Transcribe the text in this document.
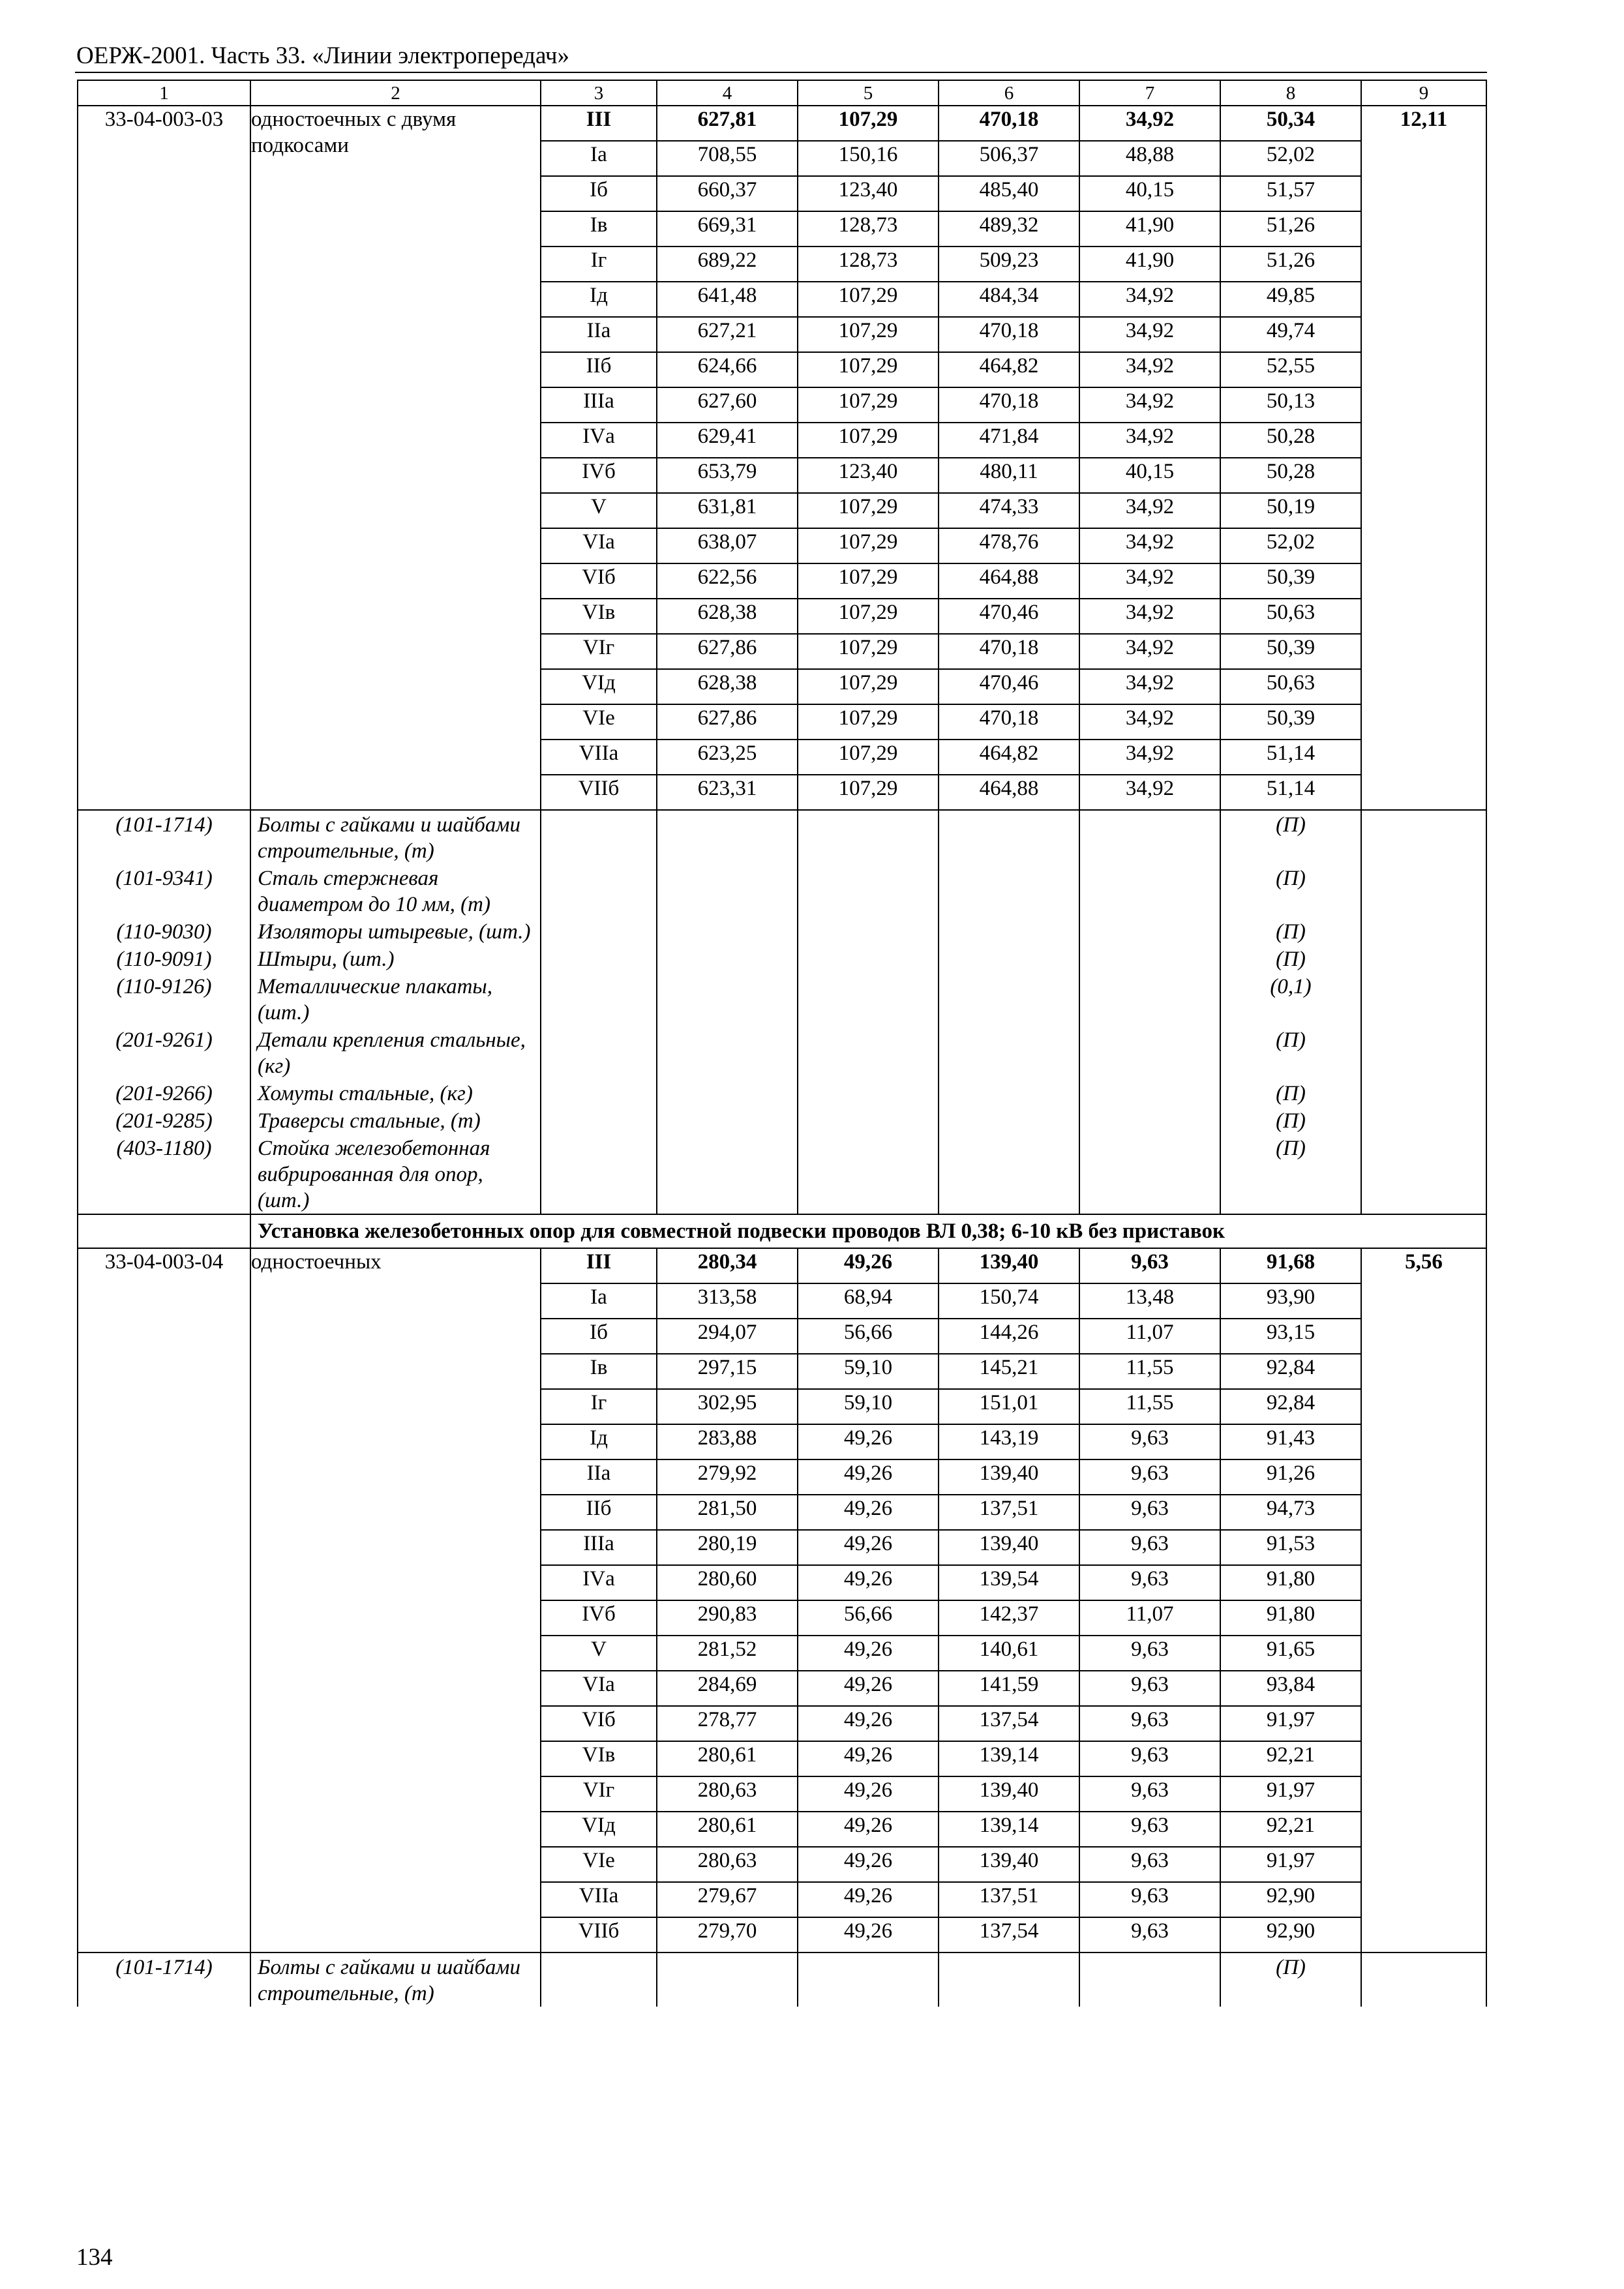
ОЕРЖ-2001. Часть 33. «Линии электропередач»
1	2	3	4	5	6	7	8	9
33-04-003-03	одностоечных с двумя подкосами	III	627,81	107,29	470,18	34,92	50,34	12,11
		Iа	708,55	150,16	506,37	48,88	52,02	
		Iб	660,37	123,40	485,40	40,15	51,57	
		Iв	669,31	128,73	489,32	41,90	51,26	
		Iг	689,22	128,73	509,23	41,90	51,26	
		Iд	641,48	107,29	484,34	34,92	49,85	
		IIа	627,21	107,29	470,18	34,92	49,74	
		IIб	624,66	107,29	464,82	34,92	52,55	
		IIIа	627,60	107,29	470,18	34,92	50,13	
		IVа	629,41	107,29	471,84	34,92	50,28	
		IVб	653,79	123,40	480,11	40,15	50,28	
		V	631,81	107,29	474,33	34,92	50,19	
		VIа	638,07	107,29	478,76	34,92	52,02	
		VIб	622,56	107,29	464,88	34,92	50,39	
		VIв	628,38	107,29	470,46	34,92	50,63	
		VIг	627,86	107,29	470,18	34,92	50,39	
		VIд	628,38	107,29	470,46	34,92	50,63	
		VIе	627,86	107,29	470,18	34,92	50,39	
		VIIа	623,25	107,29	464,82	34,92	51,14	
		VIIб	623,31	107,29	464,88	34,92	51,14	
(101-1714)	Болты с гайками и шайбами строительные, (т)						(П)	
(101-9341)	Сталь стержневая диаметром до 10 мм, (т)						(П)	
(110-9030)	Изоляторы штыревые, (шт.)						(П)	
(110-9091)	Штыри, (шт.)						(П)	
(110-9126)	Металлические плакаты, (шт.)						(0,1)	
(201-9261)	Детали крепления стальные, (кг)						(П)	
(201-9266)	Хомуты стальные, (кг)						(П)	
(201-9285)	Траверсы стальные, (т)						(П)	
(403-1180)	Стойка железобетонная вибрированная для опор, (шт.)						(П)	
	Установка железобетонных опор для совместной подвески проводов ВЛ 0,38; 6-10 кВ без приставок							
33-04-003-04	одностоечных	III	280,34	49,26	139,40	9,63	91,68	5,56
		Iа	313,58	68,94	150,74	13,48	93,90	
		Iб	294,07	56,66	144,26	11,07	93,15	
		Iв	297,15	59,10	145,21	11,55	92,84	
		Iг	302,95	59,10	151,01	11,55	92,84	
		Iд	283,88	49,26	143,19	9,63	91,43	
		IIа	279,92	49,26	139,40	9,63	91,26	
		IIб	281,50	49,26	137,51	9,63	94,73	
		IIIа	280,19	49,26	139,40	9,63	91,53	
		IVа	280,60	49,26	139,54	9,63	91,80	
		IVб	290,83	56,66	142,37	11,07	91,80	
		V	281,52	49,26	140,61	9,63	91,65	
		VIа	284,69	49,26	141,59	9,63	93,84	
		VIб	278,77	49,26	137,54	9,63	91,97	
		VIв	280,61	49,26	139,14	9,63	92,21	
		VIг	280,63	49,26	139,40	9,63	91,97	
		VIд	280,61	49,26	139,14	9,63	92,21	
		VIе	280,63	49,26	139,40	9,63	91,97	
		VIIа	279,67	49,26	137,51	9,63	92,90	
		VIIб	279,70	49,26	137,54	9,63	92,90	
(101-1714)	Болты с гайками и шайбами строительные, (т)						(П)	
134
